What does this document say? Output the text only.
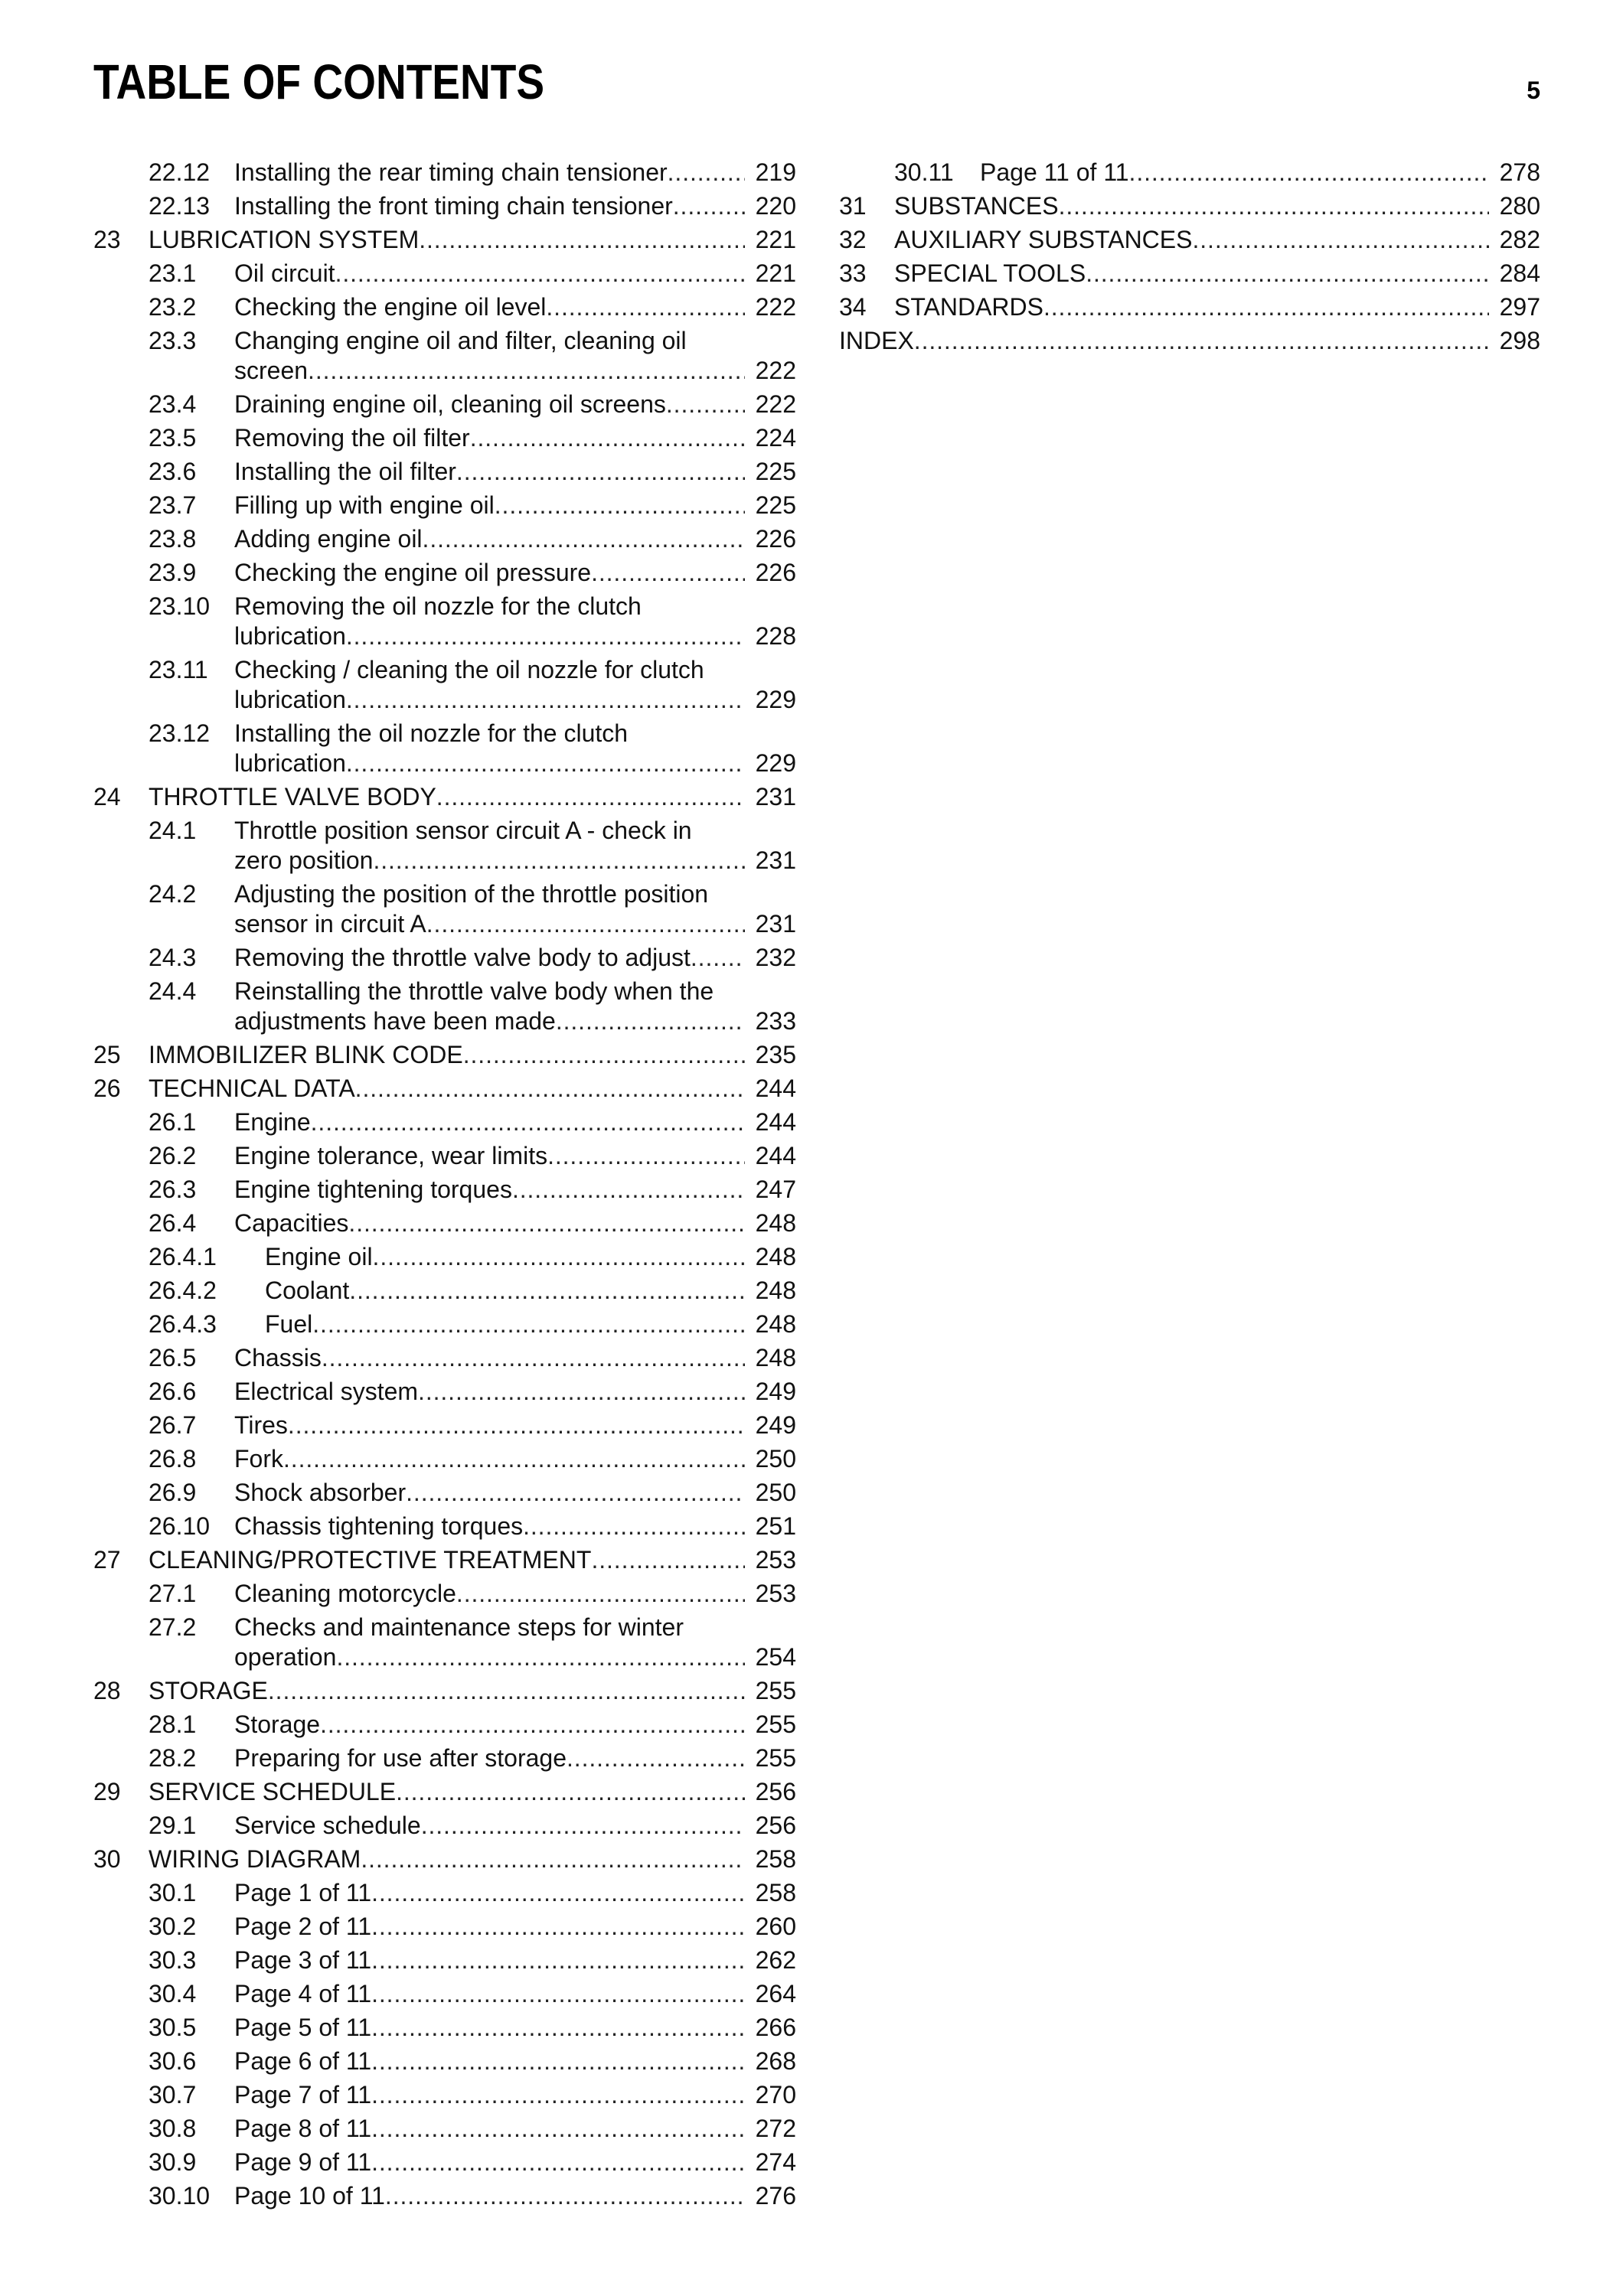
TABLE OF CONTENTS	5
22.12 Installing the rear timing chain tensioner . . .	219
22.13 Installing the front timing chain tensioner . . .	220
23 LUBRICATION SYSTEM . . .	221
23.1 Oil circuit . . .	221
23.2 Checking the engine oil level . . .	222
23.3 Changing engine oil and filter, cleaning oil
screen . . .	222
23.4 Draining engine oil, cleaning oil screens . . .	222
23.5 Removing the oil filter . . .	224
23.6 Installing the oil filter . . .	225
23.7 Filling up with engine oil . . .	225
23.8 Adding engine oil . . .	226
23.9 Checking the engine oil pressure . . .	226
23.10 Removing the oil nozzle for the clutch
lubrication . . .	228
23.11 Checking / cleaning the oil nozzle for clutch
lubrication . . .	229
23.12 Installing the oil nozzle for the clutch
lubrication . . .	229
24 THROTTLE VALVE BODY . . .	231
24.1 Throttle position sensor circuit A - check in
zero position . . .	231
24.2 Adjusting the position of the throttle position
sensor in circuit A . . .	231
24.3 Removing the throttle valve body to adjust . . .	232
24.4 Reinstalling the throttle valve body when the
adjustments have been made . . .	233
25 IMMOBILIZER BLINK CODE . . .	235
26 TECHNICAL DATA . . .	244
26.1 Engine . . .	244
26.2 Engine tolerance, wear limits . . .	244
26.3 Engine tightening torques . . .	247
26.4 Capacities . . .	248
26.4.1 Engine oil . . .	248
26.4.2 Coolant . . .	248
26.4.3 Fuel . . .	248
26.5 Chassis . . .	248
26.6 Electrical system . . .	249
26.7 Tires . . .	249
26.8 Fork . . .	250
26.9 Shock absorber . . .	250
26.10 Chassis tightening torques . . .	251
27 CLEANING/PROTECTIVE TREATMENT . . .	253
27.1 Cleaning motorcycle . . .	253
27.2 Checks and maintenance steps for winter
operation . . .	254
28 STORAGE . . .	255
28.1 Storage . . .	255
28.2 Preparing for use after storage . . .	255
29 SERVICE SCHEDULE . . .	256
29.1 Service schedule . . .	256
30 WIRING DIAGRAM . . .	258
30.1 Page 1 of 11 . . .	258
30.2 Page 2 of 11 . . .	260
30.3 Page 3 of 11 . . .	262
30.4 Page 4 of 11 . . .	264
30.5 Page 5 of 11 . . .	266
30.6 Page 6 of 11 . . .	268
30.7 Page 7 of 11 . . .	270
30.8 Page 8 of 11 . . .	272
30.9 Page 9 of 11 . . .	274
30.10 Page 10 of 11 . . .	276
30.11 Page 11 of 11 . . .	278
31 SUBSTANCES . . .	280
32 AUXILIARY SUBSTANCES . . .	282
33 SPECIAL TOOLS . . .	284
34 STANDARDS . . .	297
INDEX . . .	298
